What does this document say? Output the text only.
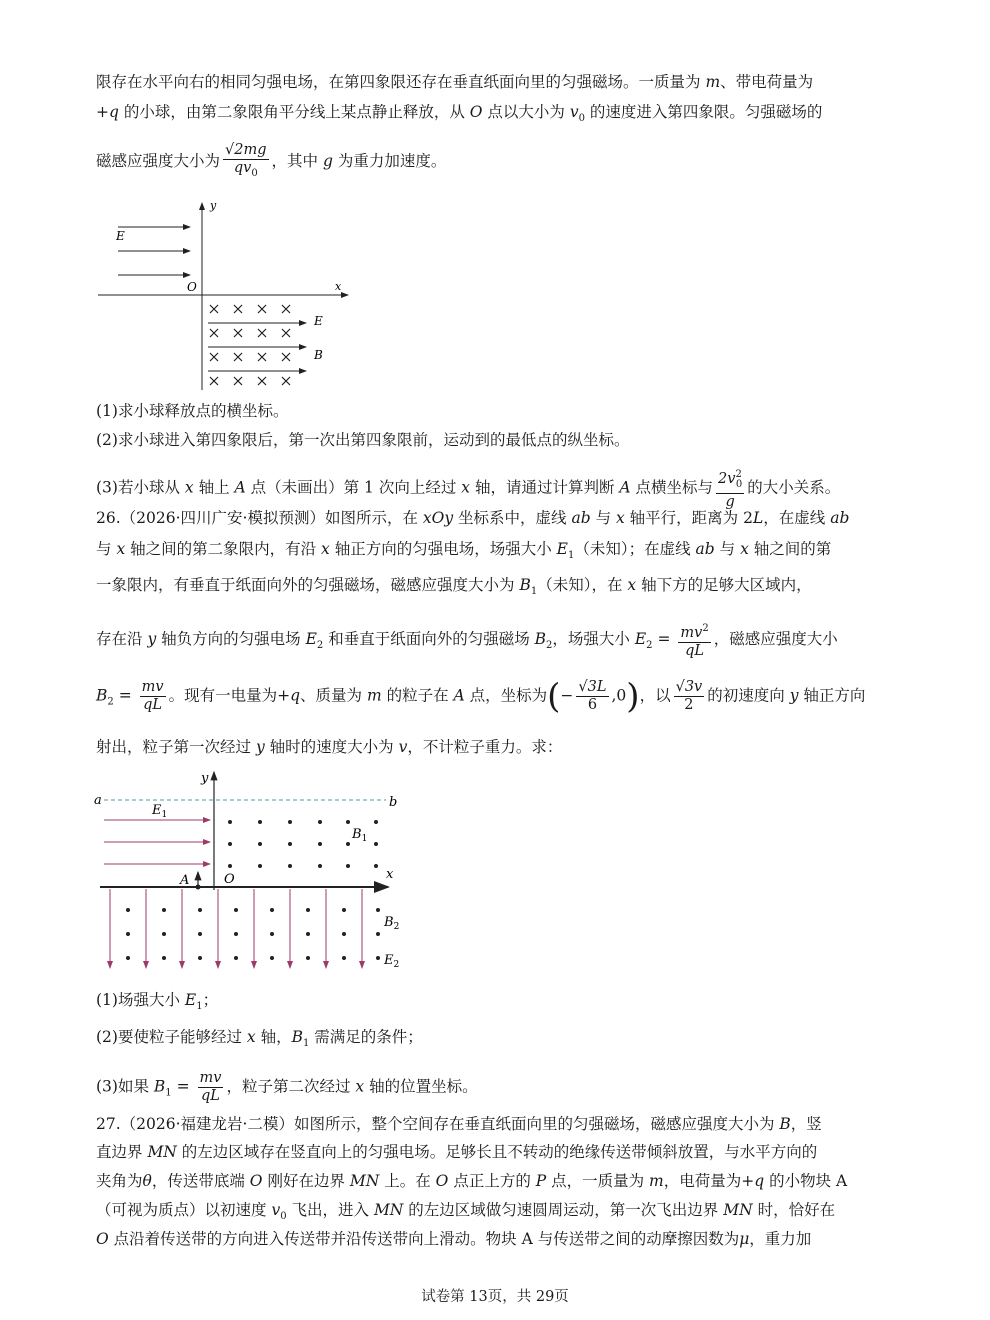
限存在水平向右的相同匀强电场，在第四象限还存在垂直纸面向里的匀强磁场。一质量为 m、带电荷量为
+q 的小球，由第二象限角平分线上某点静止释放，从 O 点以大小为 $v_0$ 的速度进入第四象限。匀强磁场的
磁感应强度大小为 $\frac{√2mg}{qv_0}$ ，其中 g 为重力加速度。
E
y
x
O
E
B
(1)求小球释放点的横坐标。
(2)求小球进入第四象限后，第一次出第四象限前，运动到的最低点的纵坐标。
(3)若小球从 x 轴上 A 点（未画出）第 1 次向上经过 x 轴，请通过计算判断 A 点横坐标与 $\frac{2v^2_0}{g}$ 的大小关系。
26.（2026·四川广安·模拟预测）如图所示，在 xOy 坐标系中，虚线 ab 与 x 轴平行，距离为 2L，在虚线 ab
与 x 轴之间的第二象限内，有沿 x 轴正方向的匀强电场，场强大小 $E_1$（未知）；在虚线 ab 与 x 轴之间的第
一象限内，有垂直于纸面向外的匀强磁场，磁感应强度大小为 $B_1$（未知），在 x 轴下方的足够大区域内，
存在沿 y 轴负方向的匀强电场 $E_2$ 和垂直于纸面向外的匀强磁场 $B_2$，场强大小 $E_2 = \frac{mv^2}{qL}$ ，磁感应强度大小
$B_2 = \frac{mv}{qL}$ 。现有一电量为+q、质量为 m 的粒子在 A 点，坐标为(− $\frac{√3L}{6} ,0$)，以 $\frac{√3v}{2}$ 的初速度向 y 轴正方向
射出，粒子第一次经过 y 轴时的速度大小为 v，不计粒子重力。求：
a	b
y
x
O
$E_1$
$B_1$
A
$B_2$
$E_2$
(1)场强大小 $E_1$；
(2)要使粒子能够经过 x 轴，$B_1$ 需满足的条件；
(3)如果 $B_1 = \frac{mv}{qL}$ ，粒子第二次经过 x 轴的位置坐标。
27.（2026·福建龙岩·二模）如图所示，整个空间存在垂直纸面向里的匀强磁场，磁感应强度大小为 B，竖
直边界 MN 的左边区域存在竖直向上的匀强电场。足够长且不转动的绝缘传送带倾斜放置，与水平方向的
夹角为θ，传送带底端 O 刚好在边界 MN 上。在 O 点正上方的 P 点，一质量为 m，电荷量为+q 的小物块 A
（可视为质点）以初速度 $v_0$ 飞出，进入 MN 的左边区域做匀速圆周运动，第一次飞出边界 MN 时，恰好在
O 点沿着传送带的方向进入传送带并沿传送带向上滑动。物块 A 与传送带之间的动摩擦因数为μ，重力加
试卷第 13页，共 29页
